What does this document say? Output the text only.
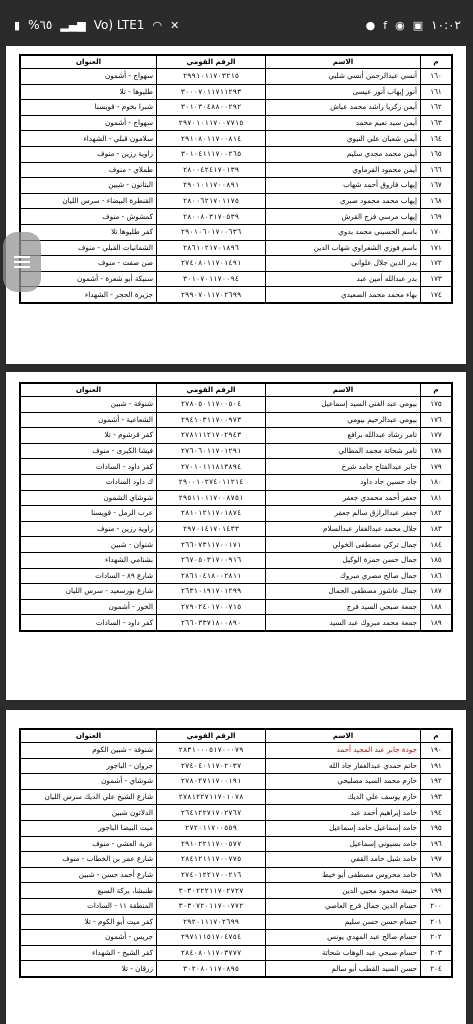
▮ %٦٥ ▂▄▆ Vo) LTE1 ◠ ✕	● f ◉ ▣ ١٠:٠٢
م	الاسم	الرقم القومي	العنوان
١٦٠	أنسي عبدالرحمن أنسي شلبي	٢٩٩١٠١١٧٠٣٢١٥	سهواج - أشمون
١٦١	أنور إيهاب أنور عيسى	٣٠٠٠٧٠١١٧١١٢٩٣	طليوها - تلا
١٦٢	أيمن زكريا راشد محمد عياش	٣٠١٠٣٠٤٨٨٠٠٢٩٢	شبرا بخوم - قويسنا
١٦٣	أيمن سيد نعيم محمد	٢٩٧٠١٠١١٧٠٠٧٧١٥	سهواج - أشمون
١٦٤	أيمن شعبان علي النبوي	٢٩١٠٨٠١١٧٠٠٨١٤	سلامون قبلي - الشهداء
١٦٥	أيمن محمد مجدي سليم	٣٠١٠٤١١١٧٠٠٢٦٥	زاوية رزين - منوف
١٦٦	أيمن محمود الفرماوي	٢٨٠٠٤٢٤١٧٠١٣٩	طملاي - منوف
١٦٧	إيهاب فاروق أحمد شهاب	٢٩٠١٠١١٧٠٠٨٩١	البتانون - شبين
١٦٨	إيهاب محمد محمود صبري	٢٨٠٠٦٢١٧٠١١٧٥	القنطرة البيضاء - سرس الليان
١٦٩	إيهاب مرسي فرج القرش	٢٨٠٠٨٠٣١٧٠٥٣٩	كمشوش - منوف
١٧٠	باسم الحسيني محمد بدوي	٢٩٠١٠٦٠١٧٠٠٦٣٦	كفر طليوها تلا
١٧١	باسم فوزي الشعراوي شهاب الدين	٢٨٦١٠٢١٧٠١٨٩٦	الشمانيات القبلي - منوف
١٧٢	بدر الدين جلال علواني	٢٧٤٠٨٠١١٧٠١٤٩١	صن صفت - منوف
١٧٣	بدر عبدالله أمين عبد	٣٠١٠٧٠١١٧٠٠٩٤	سنيكة أبو شعرة - أشمون
١٧٤	بهاء محمد محمد الصعيدي	٢٩٩٠٧٠١١٧٠٢٦٩٩	جزيرة الحجر - الشهداء
م	الاسم	الرقم القومي	العنوان
١٧٥	بيومي عبد الغني السيد إسماعيل	٢٧٨٠٥٠١١٧٠٠٥٠٤	شنوفة - شبين
١٧٦	بيومي عبدالرحيم بيومي	٢٩٤١٠٣١١٧٠٠٩٧٣	الشعاعية - أشمون
١٧٧	تامر رشاد عبدالله برافع	٢٧٨١١١٢١٧٠٢٩٤٣	كفر قرشوم - تلا
١٧٨	تامر شحاتة محمد المطالي	٢٧٦٠٦٠١١٧٠١٢٩١	فيشا الكبرى - منوف
١٧٩	جابر عبدالفتاح حامد شرخ	٢٧٠١٠١١١٨١٣٨٩٤	كفر داود - السادات
١٨٠	جاد حسين جاد داود	٢٩٠٠١٠٢٧٤٠١١٢١٤	ك داود السادات
١٨١	جعفر أحمد محمدي جعفر	٢٩٥١١٠١١٧٠٠٨٧٥١	شوشاي الشمون
١٨٢	جعفر عبدالرازق سالم جعفر	٢٨١٠١٢١١٧٠١٨٧٤	عرب الرمل - قويسنا
١٨٣	جلال محمد عبدالغفار عبدالسلام	٢٩٧٠١٤١٧٠١٤٣٣	زاوية رزين - منوف
١٨٤	جمال تركي مصطفى الخولي	٢٦٦٠٧٣١١٧٠٠١٧١	شنوان - شبين
١٨٥	جمال حسن حمزة الوكيل	٢٦٧٠٥٠٣١٧٠٠٩١٦	بشتامي الشهداء
١٨٦	جمال صالح مصري مبروك	٢٨٦١٠٤١٨٠٠٢٨١١	شارع ٨٩ - السادات
١٨٧	جمال عاشور مصطفى الجمال	٢٦٣١٠١٩١٧٠١٢٩٩	شارع بورسعيد - سرس الليان
١٨٨	جمعة صبحي السيد فرج	٢٧٩٠٢٤٠١٧٠٠٧١٥	الخور - أشمون
١٨٩	جمعة محمد مبروك عبد السيد	٢٦٦٠٣٣٧١٨٠٠٨٩٠	كفر داود - السادات
م	الاسم	الرقم القومي	العنوان
١٩٠	جودة جابر عبد المجيد أحمد	٢٨٣١٠٠٠٥١٧٠٠٠٧٩	شنوفة - شبين الكوم
١٩١	حاتم حمدي عبدالغفار جاد الله	٢٧٤٠٤٠١١٧٠٢٠٣٧	جروان - الباجور
١٩٢	حازم محمد السيد مصليحي	٢٧٨٠٢٧١١٧٠٠١٩١	شوشاي - أشمون
١٩٣	حازم يوسف علي الديك	٢٧٨١٢٢٧١١٧٠١٠٧٨	شارع الشيخ علي الديك سرس الليان
١٩٤	حامد إبراهيم أحمد عبد	٢٦٤١٢٢٧١٧٠٢٧٦٧	الدلاتون شبين
١٩٥	حامد إسماعيل حامد إسماعيل	٢٧٢٠١١٧٠٠٥٥٩	ميت البيضا الباجور
١٩٦	حامد بسيوني إسماعيل	٢٩١٠٢٢١١٧٠٠٥٧٧	عزبة العشي - منوف
١٩٧	حامد شبل حامد القفي	٢٨٤١٢١١١٧٠٠٧٧٥	شارع عمر بن الخطاب - منوف
١٩٨	حامد محروس مصطفى أبو خيط	٢٧٤٠١٢٢١٧٠٠٢١٦	شارع أحمد حسن - شبين
١٩٩	حنيفة محمود محيي الدين	٣٠٣٠٢٢٢١١٧٠٢٧٢٧	طنبشا، بركة السبع
٢٠٠	حسام الدين جمال فرج العاصي	٣٠٣٠٧٢٠١١٧٠٠٧٧٢	المنطقة ١١ - السادات
٢٠١	حسام حسن حسن سليم	٢٩٢٠١١١٧٠٢٦٩٩	كفر ميت أبو الكوم - تلا
٢٠٢	حسام صالح عبد المهدي يونس	٢٩٧١١١٥١٧٠٤٧٥٤	جريس - أشمون
٢٠٣	حسام صبحي عبد الوهاب شحاتة	٢٨٤٠٨٠١١٧٠٣٧٧٧	كفر الشيخ - الشهداء
٢٠٤	حسن السيد القطب أبو سالم	٣٠٢٠٨٠١١٧٠٨٩٥	زرقان - تلا
